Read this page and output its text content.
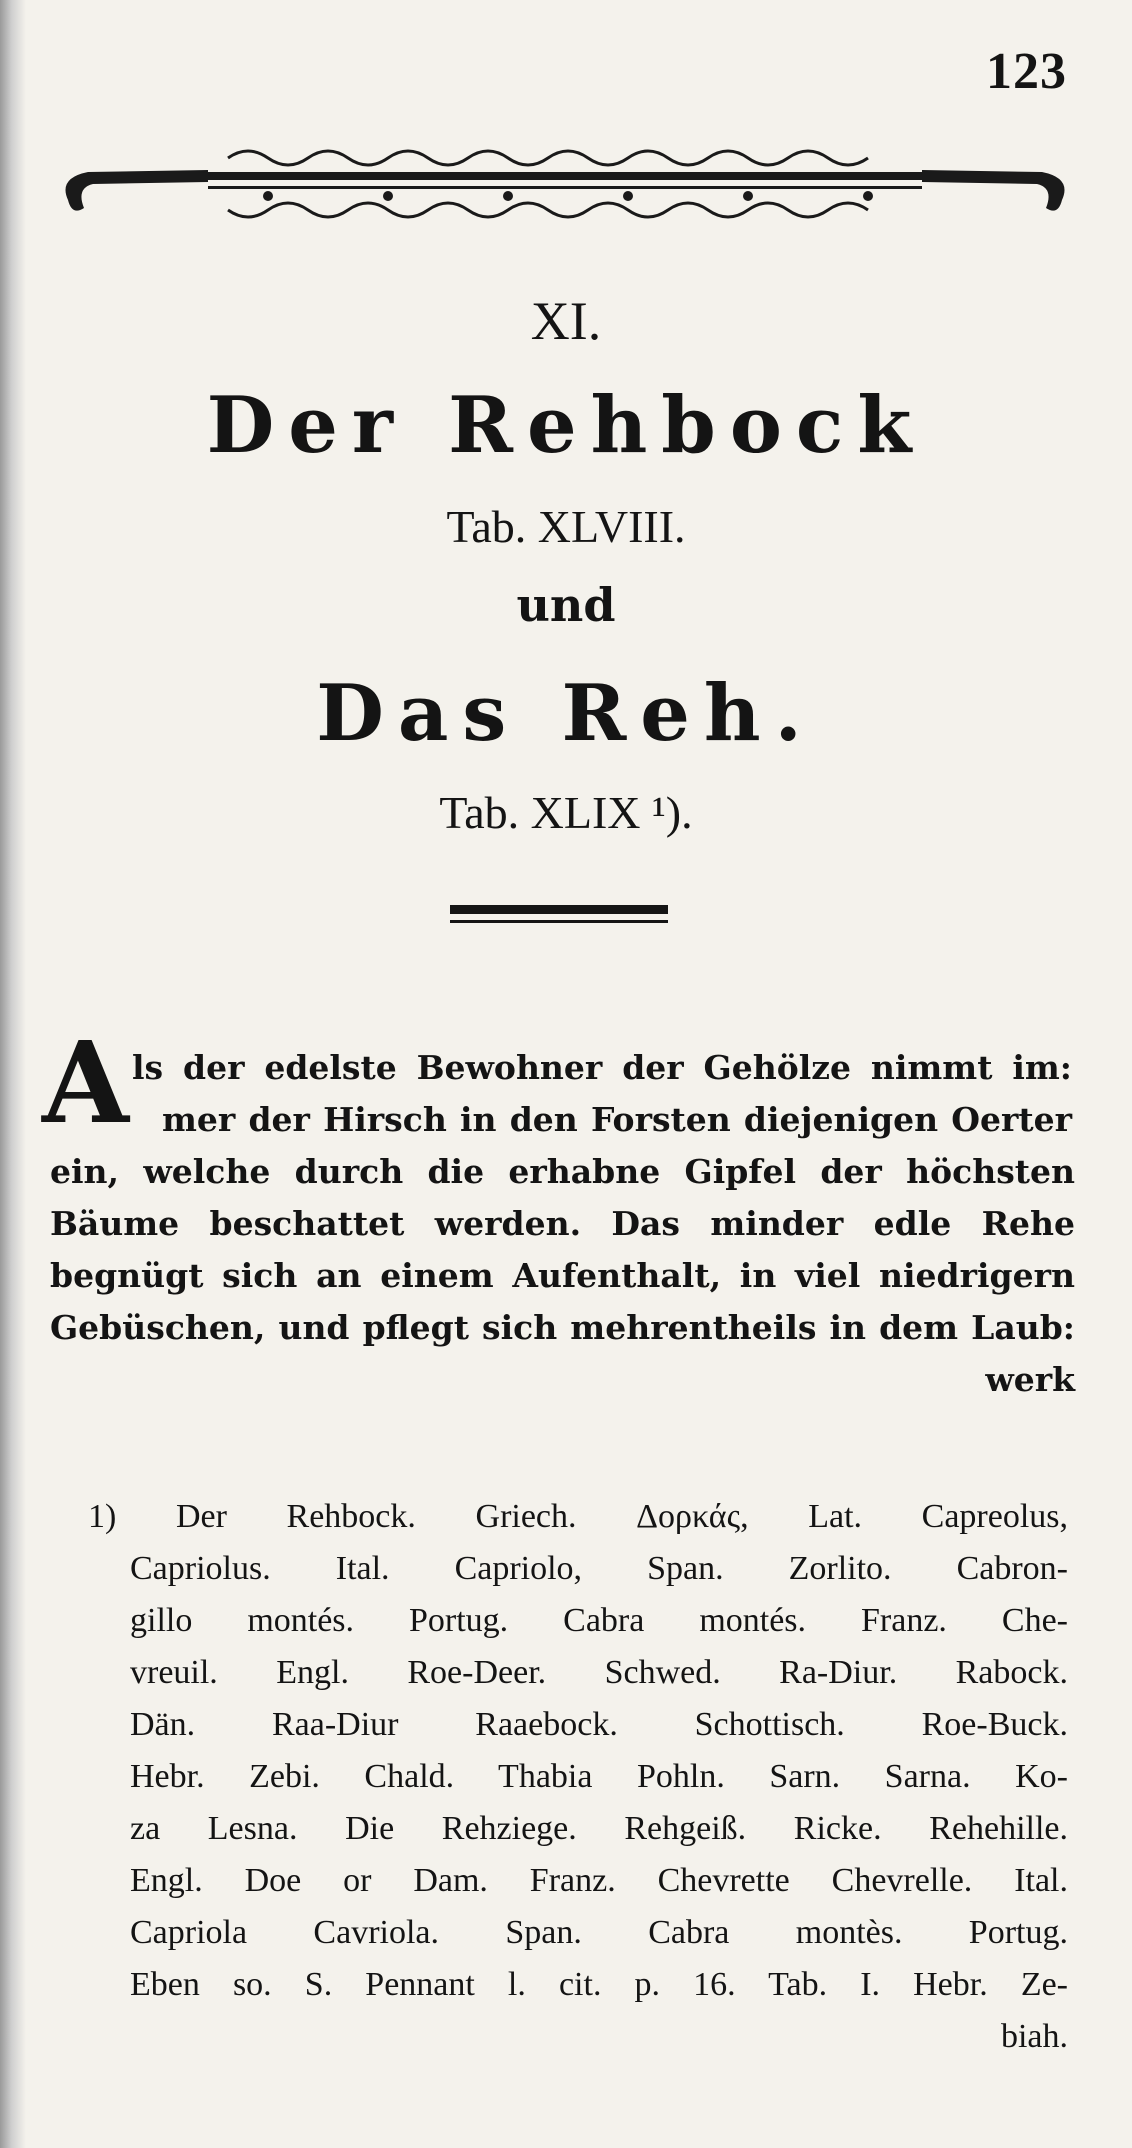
123
XI.
Der Rehbock
Tab. XLVIII.
und
Das Reh.
Tab. XLIX ¹).
A ls der edelste Bewohner der Gehölze nimmt im:
mer der Hirsch in den Forsten diejenigen Oerter
ein, welche durch die erhabne Gipfel der höchsten
Bäume beschattet werden. Das minder edle Rehe
begnügt sich an einem Aufenthalt, in viel niedrigern
Gebüschen, und pflegt sich mehrentheils in dem Laub:
werk
1) Der Rehbock. Griech. Δορκάς, Lat. Capreolus,
Capriolus. Ital. Capriolo, Span. Zorlito. Cabron-
gillo montés. Portug. Cabra montés. Franz. Che-
vreuil. Engl. Roe-Deer. Schwed. Ra-Diur. Rabock.
Dän. Raa-Diur Raaebock. Schottisch. Roe-Buck.
Hebr. Zebi. Chald. Thabia Pohln. Sarn. Sarna. Ko-
za Lesna. Die Rehziege. Rehgeiß. Ricke. Rehehille.
Engl. Doe or Dam. Franz. Chevrette Chevrelle. Ital.
Capriola Cavriola. Span. Cabra montès. Portug.
Eben so. S. Pennant l. cit. p. 16. Tab. I. Hebr. Ze-
biah.
